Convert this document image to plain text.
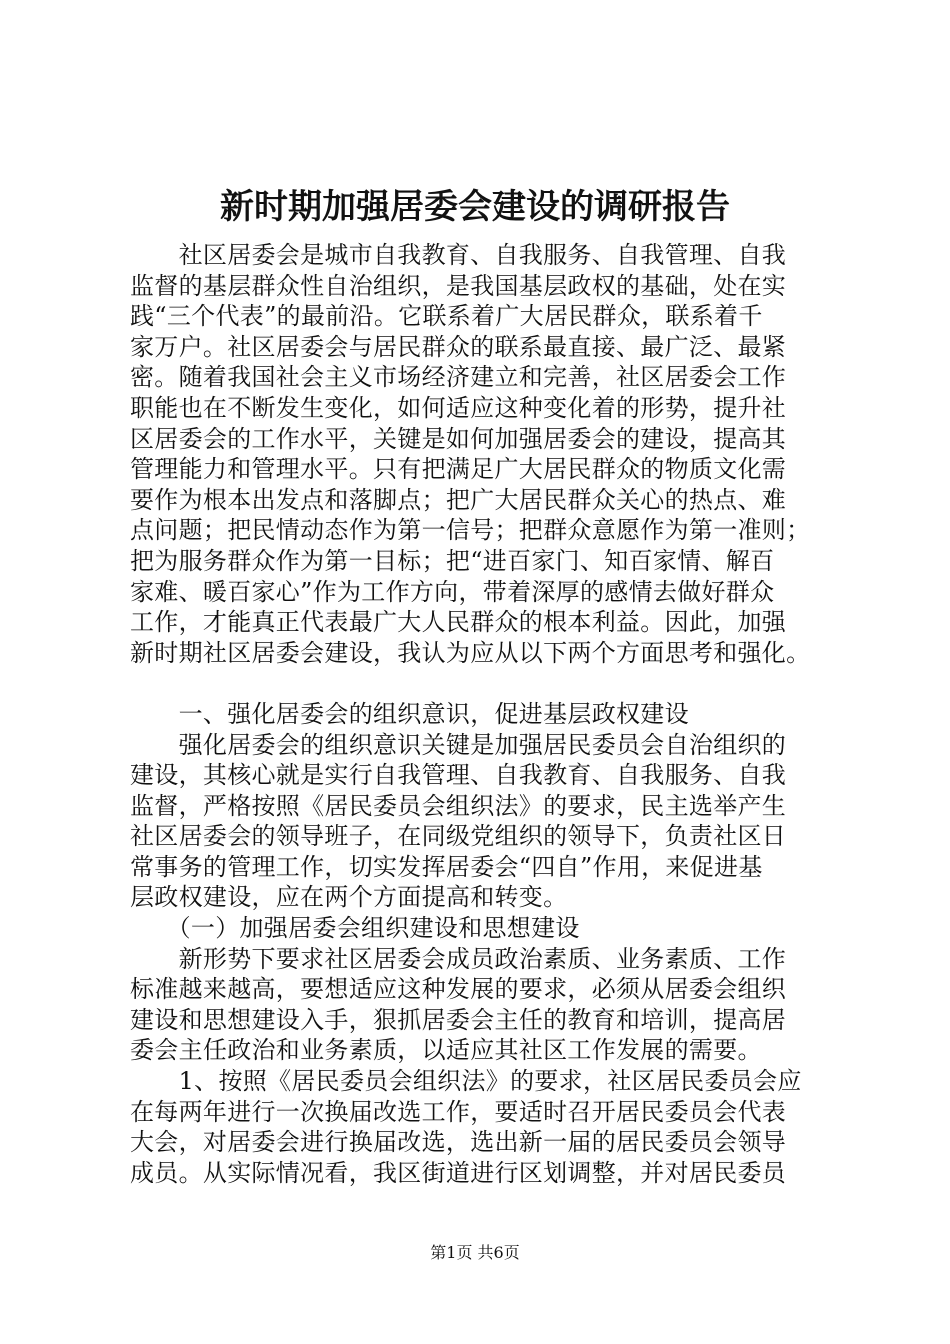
新时期加强居委会建设的调研报告
　　社区居委会是城市自我教育、自我服务、自我管理、自我
监督的基层群众性自治组织，是我国基层政权的基础，处在实
践“三个代表”的最前沿。它联系着广大居民群众，联系着千
家万户。社区居委会与居民群众的联系最直接、最广泛、最紧
密。随着我国社会主义市场经济建立和完善，社区居委会工作
职能也在不断发生变化，如何适应这种变化着的形势，提升社
区居委会的工作水平，关键是如何加强居委会的建设，提高其
管理能力和管理水平。只有把满足广大居民群众的物质文化需
要作为根本出发点和落脚点；把广大居民群众关心的热点、难
点问题；把民情动态作为第一信号；把群众意愿作为第一准则；
把为服务群众作为第一目标；把“进百家门、知百家情、解百
家难、暖百家心”作为工作方向，带着深厚的感情去做好群众
工作，才能真正代表最广大人民群众的根本利益。因此，加强
新时期社区居委会建设，我认为应从以下两个方面思考和强化。
　　一、强化居委会的组织意识，促进基层政权建设
　　强化居委会的组织意识关键是加强居民委员会自治组织的
建设，其核心就是实行自我管理、自我教育、自我服务、自我
监督，严格按照《居民委员会组织法》的要求，民主选举产生
社区居委会的领导班子，在同级党组织的领导下，负责社区日
常事务的管理工作，切实发挥居委会“四自”作用，来促进基
层政权建设，应在两个方面提高和转变。
　　（一）加强居委会组织建设和思想建设
　　新形势下要求社区居委会成员政治素质、业务素质、工作
标准越来越高，要想适应这种发展的要求，必须从居委会组织
建设和思想建设入手，狠抓居委会主任的教育和培训，提高居
委会主任政治和业务素质，以适应其社区工作发展的需要。
　　1、按照《居民委员会组织法》的要求，社区居民委员会应
在每两年进行一次换届改选工作，要适时召开居民委员会代表
大会，对居委会进行换届改选，选出新一届的居民委员会领导
成员。从实际情况看，我区街道进行区划调整，并对居民委员
第1页 共6页
